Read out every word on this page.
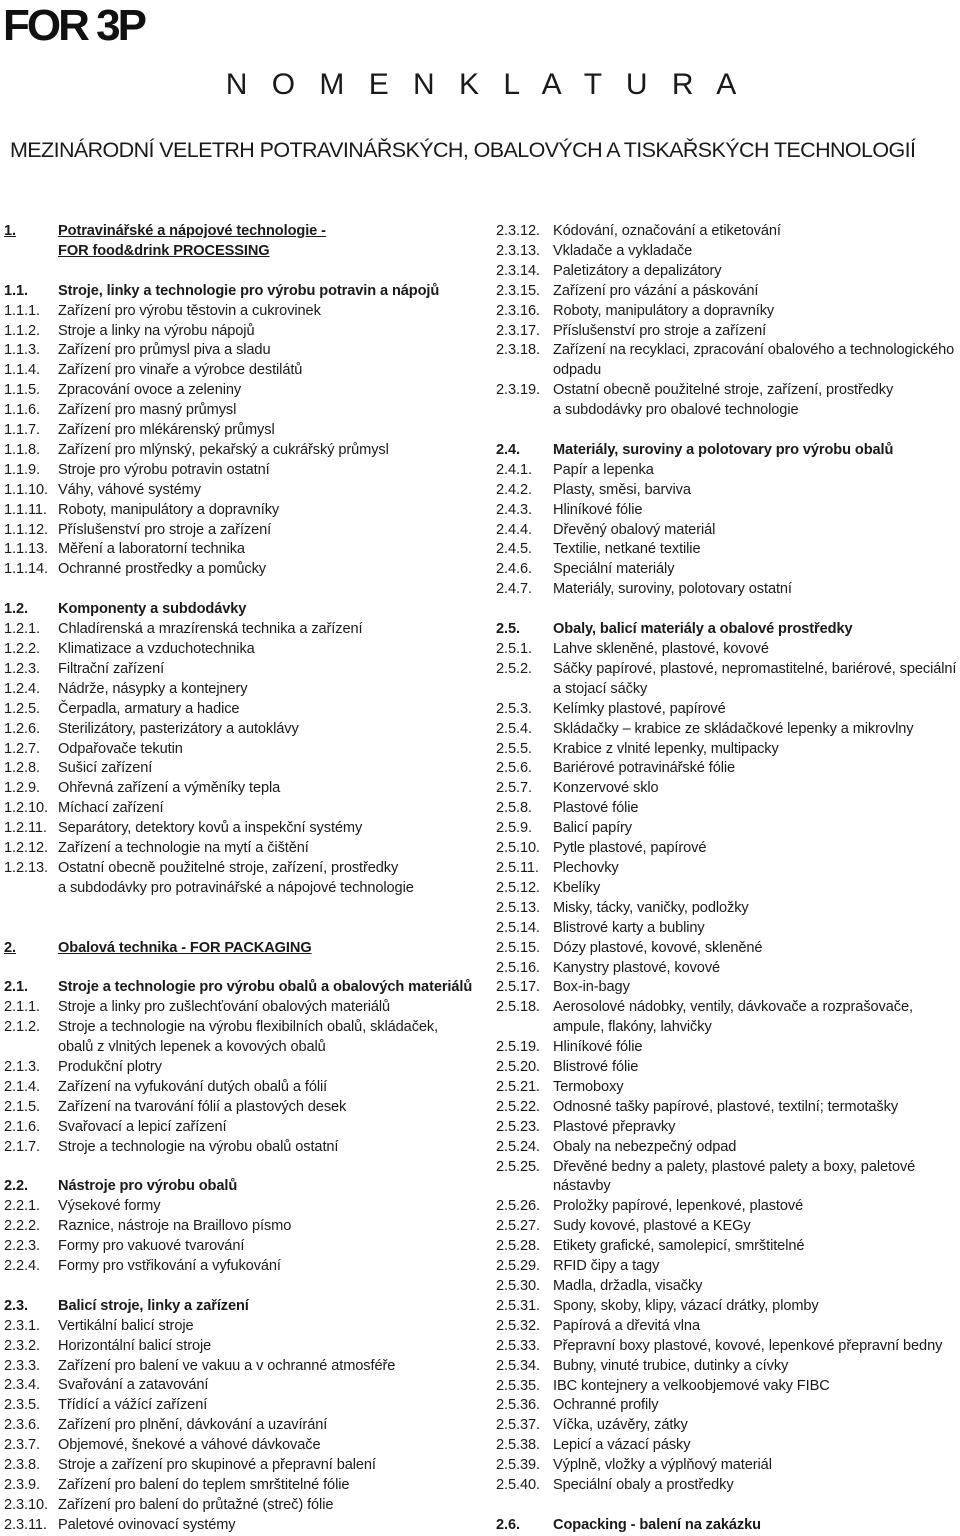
FOR 3P
N O M E N K L A T U R A
MEZINÁRODNÍ VELETRH POTRAVINÁŘSKÝCH, OBALOVÝCH A TISKAŘSKÝCH TECHNOLOGIÍ
1.	Potravinářské a nápojové technologie -
FOR food&drink PROCESSING
1.1.	Stroje, linky a technologie pro výrobu potravin a nápojů
1.1.1.	Zařízení pro výrobu těstovin a cukrovinek
1.1.2.	Stroje a linky na výrobu nápojů
1.1.3.	Zařízení pro průmysl piva a sladu
1.1.4.	Zařízení pro vinaře a výrobce destilátů
1.1.5.	Zpracování ovoce a zeleniny
1.1.6.	Zařízení pro masný průmysl
1.1.7.	Zařízení pro mlékárenský průmysl
1.1.8.	Zařízení pro mlýnský, pekařský a cukrářský průmysl
1.1.9.	Stroje pro výrobu potravin ostatní
1.1.10. Váhy, váhové systémy
1.1.11. Roboty, manipulátory a dopravníky
1.1.12. Příslušenství pro stroje a zařízení
1.1.13. Měření a laboratorní technika
1.1.14. Ochranné prostředky a pomůcky
1.2.	Komponenty a subdodávky
1.2.1.	Chladírenská a mrazírenská technika a zařízení
1.2.2.	Klimatizace a vzduchotechnika
1.2.3.	Filtrační zařízení
1.2.4.	Nádrže, násypky a kontejnery
1.2.5.	Čerpadla, armatury a hadice
1.2.6.	Sterilizátory, pasterizátory a autoklávy
1.2.7.	Odpařovače tekutin
1.2.8.	Sušicí zařízení
1.2.9.	Ohřevná zařízení a výměníky tepla
1.2.10. Míchací zařízení
1.2.11. Separátory, detektory kovů a inspekční systémy
1.2.12. Zařízení a technologie na mytí a čištění
1.2.13. Ostatní obecně použitelné stroje, zařízení, prostředky
a subdodávky pro potravinářské a nápojové technologie
2.	Obalová technika - FOR PACKAGING
2.1.	Stroje a technologie pro výrobu obalů a obalových materiálů
2.1.1.	Stroje a linky pro zušlechťování obalových materiálů
2.1.2.	Stroje a technologie na výrobu flexibilních obalů, skládaček,
obalů z vlnitých lepenek a kovových obalů
2.1.3.	Produkční plotry
2.1.4.	Zařízení na vyfukování dutých obalů a fólií
2.1.5.	Zařízení na tvarování fólií a plastových desek
2.1.6.	Svařovací a lepicí zařízení
2.1.7.	Stroje a technologie na výrobu obalů ostatní
2.2.	Nástroje pro výrobu obalů
2.2.1.	Výsekové formy
2.2.2.	Raznice, nástroje na Braillovo písmo
2.2.3.	Formy pro vakuové tvarování
2.2.4.	Formy pro vstřikování a vyfukování
2.3.	Balicí stroje, linky a zařízení
2.3.1.	Vertikální balicí stroje
2.3.2.	Horizontální balicí stroje
2.3.3.	Zařízení pro balení ve vakuu a v ochranné atmosféře
2.3.4.	Svařování a zatavování
2.3.5.	Třídící a vážící zařízení
2.3.6.	Zařízení pro plnění, dávkování a uzavírání
2.3.7.	Objemové, šnekové a váhové dávkovače
2.3.8.	Stroje a zařízení pro skupinové a přepravní balení
2.3.9.	Zařízení pro balení do teplem smrštitelné fólie
2.3.10. Zařízení pro balení do průtažné (streč) fólie
2.3.11. Paletové ovinovací systémy
2.3.12. Kódování, označování a etiketování
2.3.13. Vkladače a vykladače
2.3.14. Paletizátory a depalizátory
2.3.15. Zařízení pro vázání a páskování
2.3.16. Roboty, manipulátory a dopravníky
2.3.17. Příslušenství pro stroje a zařízení
2.3.18. Zařízení na recyklaci, zpracování obalového a technologického
odpadu
2.3.19. Ostatní obecně použitelné stroje, zařízení, prostředky
a subdodávky pro obalové technologie
2.4.	Materiály, suroviny a polotovary pro výrobu obalů
2.4.1.	Papír a lepenka
2.4.2.	Plasty, směsi, barviva
2.4.3.	Hliníkové fólie
2.4.4.	Dřevěný obalový materiál
2.4.5.	Textilie, netkané textilie
2.4.6.	Speciální materiály
2.4.7.	Materiály, suroviny, polotovary ostatní
2.5.	Obaly, balicí materiály a obalové prostředky
2.5.1.	Lahve skleněné, plastové, kovové
2.5.2.	Sáčky papírové, plastové, nepromastitelné, bariérové, speciální
a stojací sáčky
2.5.3.	Kelímky plastové, papírové
2.5.4.	Skládačky – krabice ze skládačkové lepenky a mikrovlny
2.5.5.	Krabice z vlnité lepenky, multipacky
2.5.6.	Bariérové potravinářské fólie
2.5.7.	Konzervové sklo
2.5.8.	Plastové fólie
2.5.9.	Balicí papíry
2.5.10. Pytle plastové, papírové
2.5.11. Plechovky
2.5.12. Kbelíky
2.5.13. Misky, tácky, vaničky, podložky
2.5.14. Blistrové karty a bubliny
2.5.15. Dózy plastové, kovové, skleněné
2.5.16. Kanystry plastové, kovové
2.5.17. Box-in-bagy
2.5.18. Aerosolové nádobky, ventily, dávkovače a rozprašovače,
ampule, flakóny, lahvičky
2.5.19. Hliníkové fólie
2.5.20. Blistrové fólie
2.5.21. Termoboxy
2.5.22. Odnosné tašky papírové, plastové, textilní; termotašky
2.5.23. Plastové přepravky
2.5.24. Obaly na nebezpečný odpad
2.5.25. Dřevěné bedny a palety, plastové palety a boxy, paletové
nástavby
2.5.26. Proložky papírové, lepenkové, plastové
2.5.27. Sudy kovové, plastové a KEGy
2.5.28. Etikety grafické, samolepicí, smrštitelné
2.5.29. RFID čipy a tagy
2.5.30. Madla, držadla, visačky
2.5.31. Spony, skoby, klipy, vázací drátky, plomby
2.5.32. Papírová a dřevitá vlna
2.5.33. Přepravní boxy plastové, kovové, lepenkové přepravní bedny
2.5.34. Bubny, vinuté trubice, dutinky a cívky
2.5.35. IBC kontejnery a velkoobjemové vaky FIBC
2.5.36. Ochranné profily
2.5.37. Víčka, uzávěry, zátky
2.5.38. Lepicí a vázací pásky
2.5.39. Výplně, vložky a výplňový materiál
2.5.40. Speciální obaly a prostředky
2.6.	Copacking - balení na zakázku
